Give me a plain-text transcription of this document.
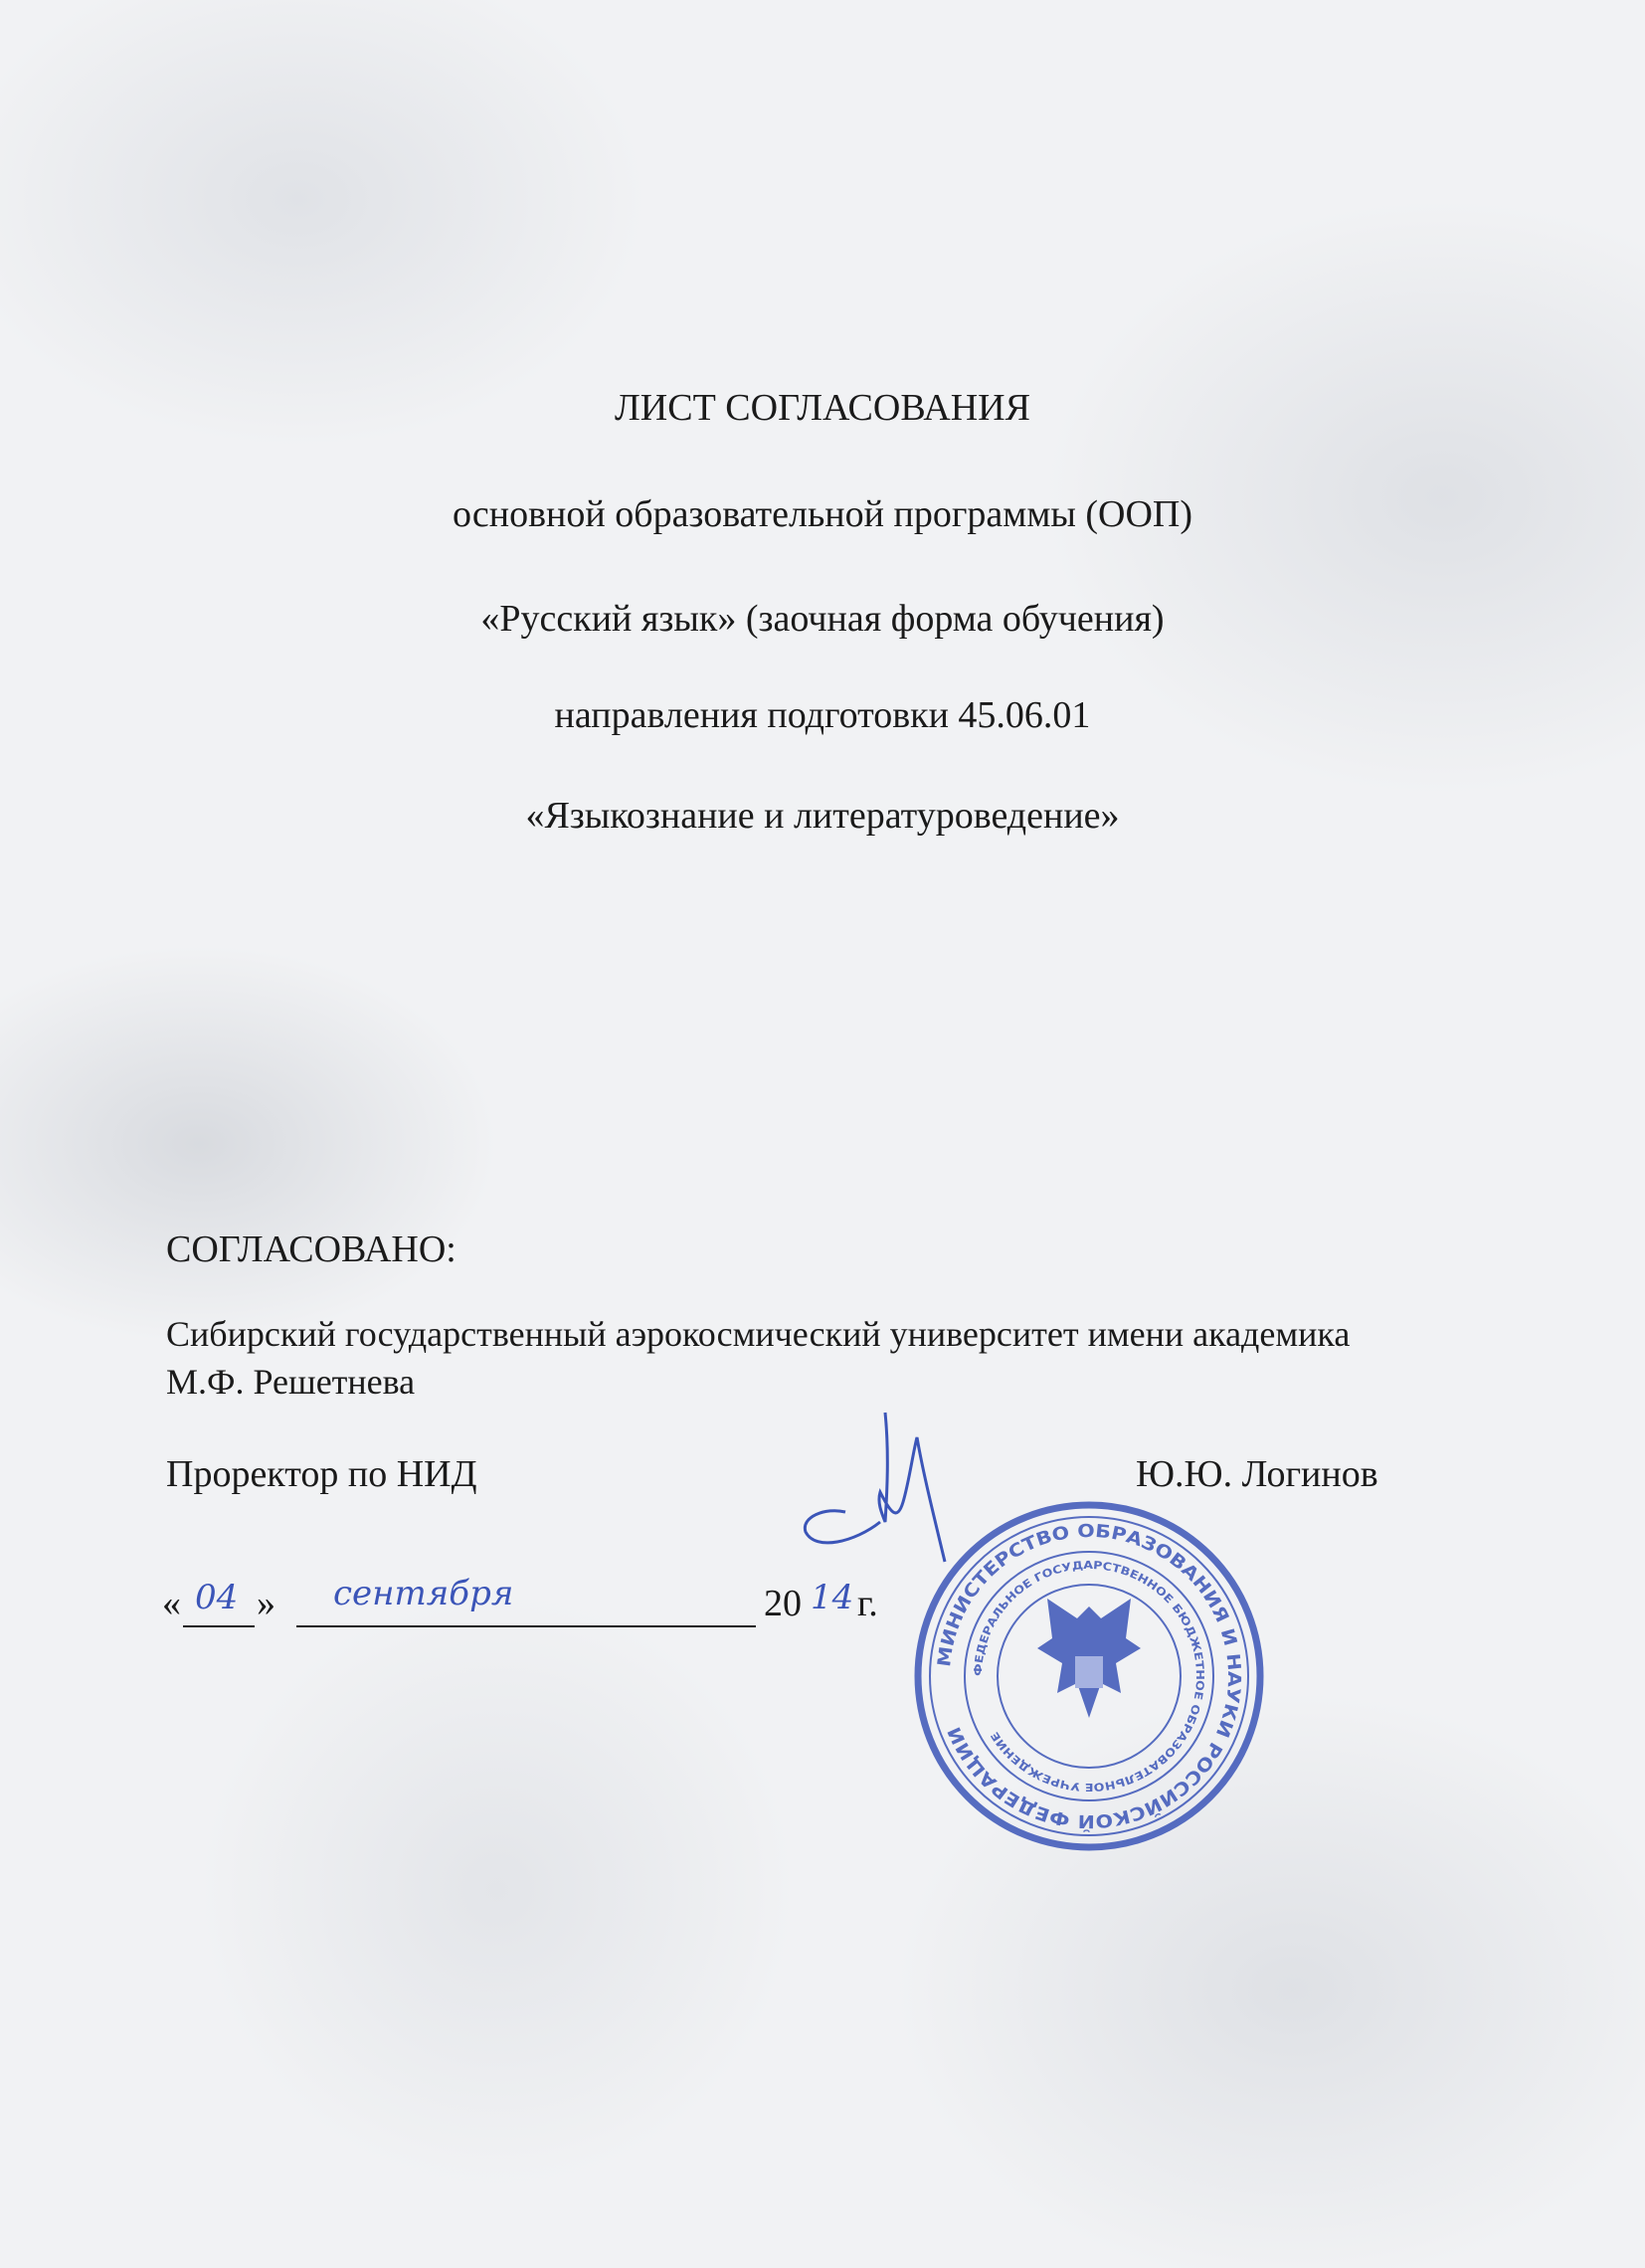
ЛИСТ СОГЛАСОВАНИЯ
основной образовательной программы (ООП)
«Русский язык» (заочная форма обучения)
направления подготовки 45.06.01
«Языкознание и литературоведение»
СОГЛАСОВАНО:
Сибирский государственный аэрокосмический университет имени академика
М.Ф. Решетнева
Проректор по НИД	Ю.Ю. Логинов
« 04 » сентября	20 14 г.
МИНИСТЕРСТВО ОБРАЗОВАНИЯ И НАУКИ РОССИЙСКОЙ ФЕДЕРАЦИИ
ФЕДЕРАЛЬНОЕ ГОСУДАРСТВЕННОЕ БЮДЖЕТНОЕ ОБРАЗОВАТЕЛЬНОЕ УЧРЕЖДЕНИЕ
